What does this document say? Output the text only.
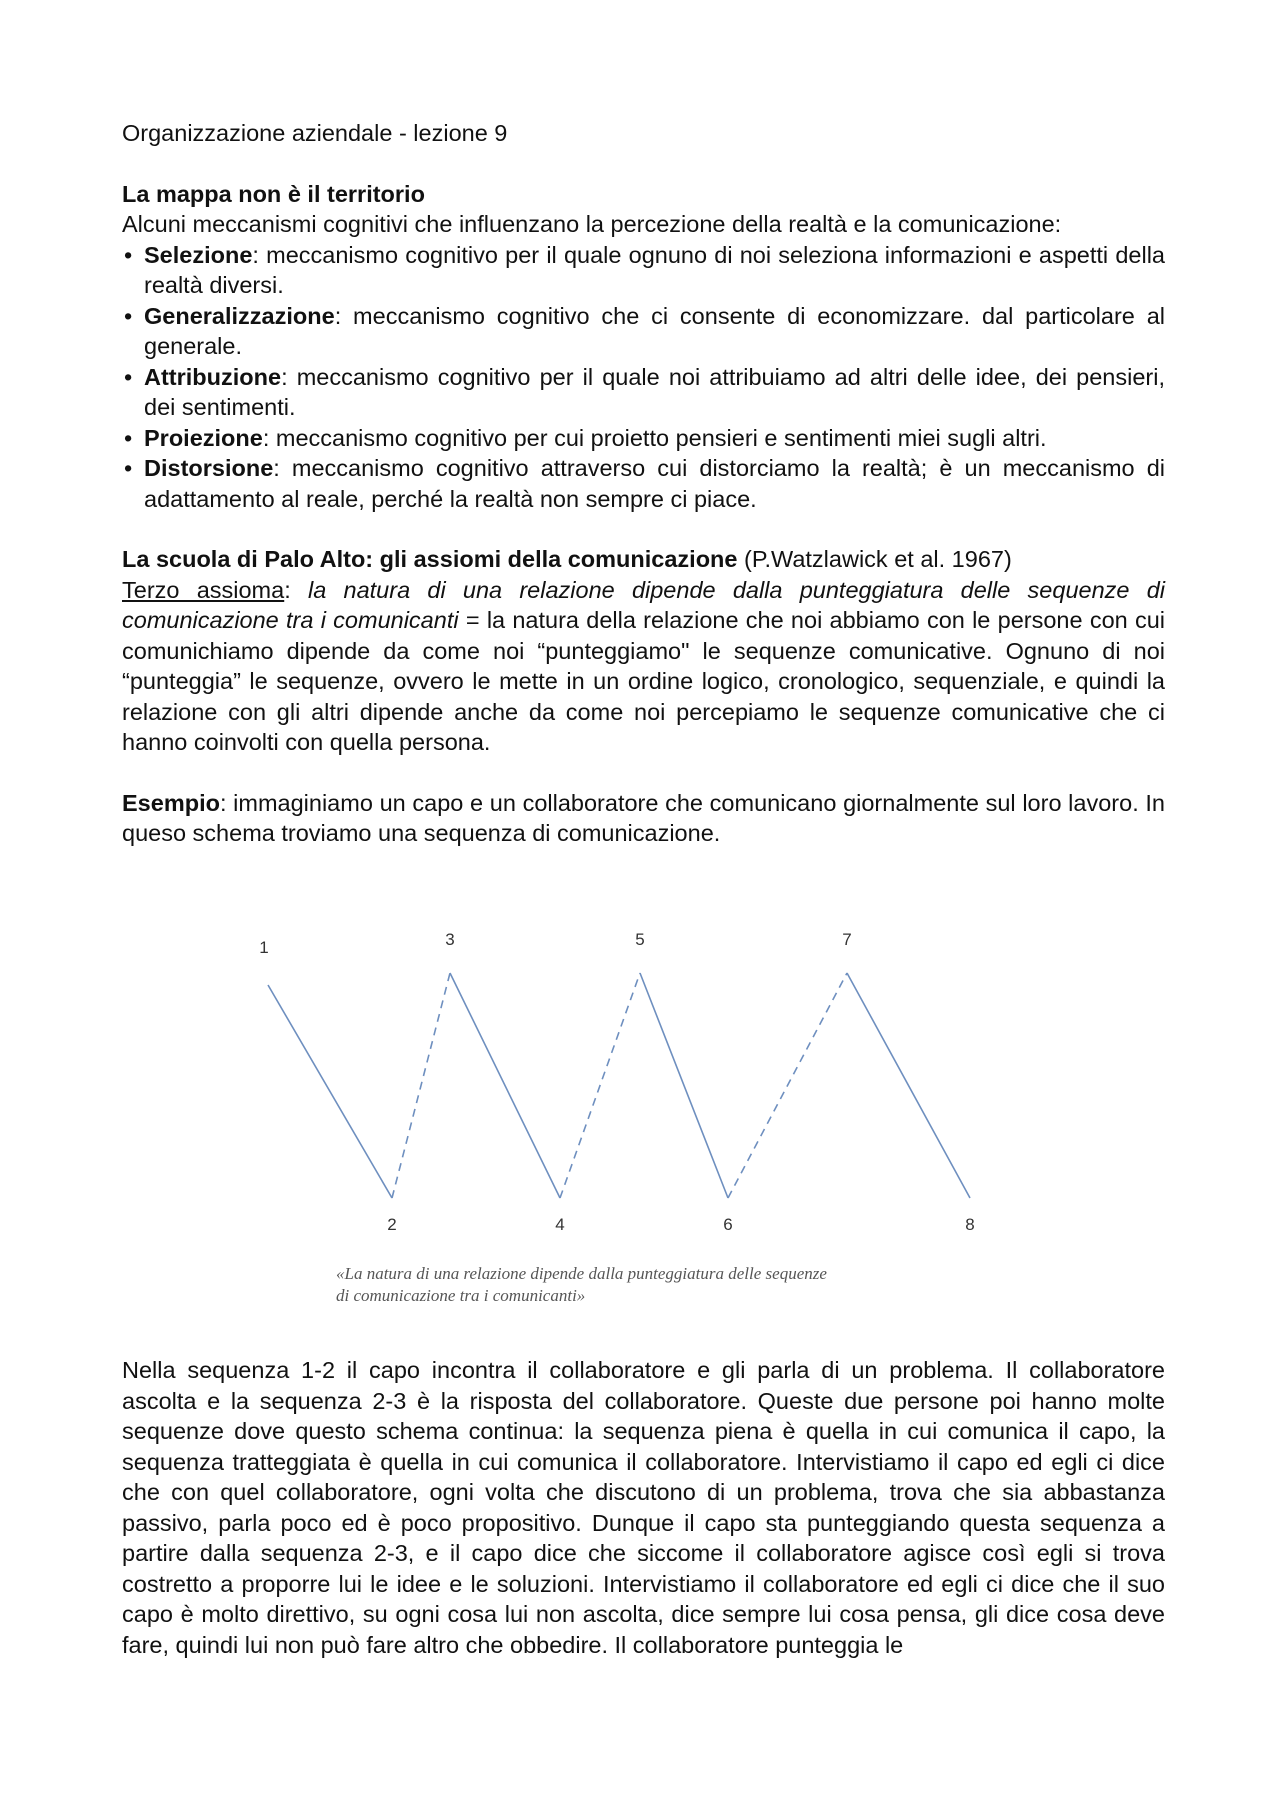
Organizzazione aziendale - lezione 9

La mappa non è il territorio

Alcuni meccanismi cognitivi che influenzano la percezione della realtà e la comunicazione:

• Selezione: meccanismo cognitivo per il quale ognuno di noi seleziona informazioni e aspetti della realtà diversi.
• Generalizzazione: meccanismo cognitivo che ci consente di economizzare. dal particolare al generale.
• Attribuzione: meccanismo cognitivo per il quale noi attribuiamo ad altri delle idee, dei pensieri, dei sentimenti.
• Proiezione: meccanismo cognitivo per cui proietto pensieri e sentimenti miei sugli altri.
• Distorsione: meccanismo cognitivo attraverso cui distorciamo la realtà; è un meccanismo di adattamento al reale, perché la realtà non sempre ci piace.

La scuola di Palo Alto: gli assiomi della comunicazione (P.Watzlawick et al. 1967)

Terzo assioma: la natura di una relazione dipende dalla punteggiatura delle sequenze di comunicazione tra i comunicanti = la natura della relazione che noi abbiamo con le persone con cui comunichiamo dipende da come noi “punteggiamo" le sequenze comunicative. Ognuno di noi “punteggia” le sequenze, ovvero le mette in un ordine logico, cronologico, sequenziale, e quindi la relazione con gli altri dipende anche da come noi percepiamo le sequenze comunicative che ci hanno coinvolti con quella persona.

Esempio: immaginiamo un capo e un collaboratore che comunicano giornalmente sul loro lavoro. In queso schema troviamo una sequenza di comunicazione.

1
2
3
4
5
6
7
8
«La natura di una relazione dipende dalla punteggiatura delle sequenze
di comunicazione tra i comunicanti»

Nella sequenza 1-2 il capo incontra il collaboratore e gli parla di un problema. Il collaboratore ascolta e la sequenza 2-3 è la risposta del collaboratore. Queste due persone poi hanno molte sequenze dove questo schema continua: la sequenza piena è quella in cui comunica il capo, la sequenza tratteggiata è quella in cui comunica il collaboratore. Intervistiamo il capo ed egli ci dice che con quel collaboratore, ogni volta che discutono di un problema, trova che sia abbastanza passivo, parla poco ed è poco propositivo. Dunque il capo sta punteggiando questa sequenza a partire dalla sequenza 2-3, e il capo dice che siccome il collaboratore agisce così egli si trova costretto a proporre lui le idee e le soluzioni. Intervistiamo il collaboratore ed egli ci dice che il suo capo è molto direttivo, su ogni cosa lui non ascolta, dice sempre lui cosa pensa, gli dice cosa deve fare, quindi lui non può fare altro che obbedire. Il collaboratore punteggia le
